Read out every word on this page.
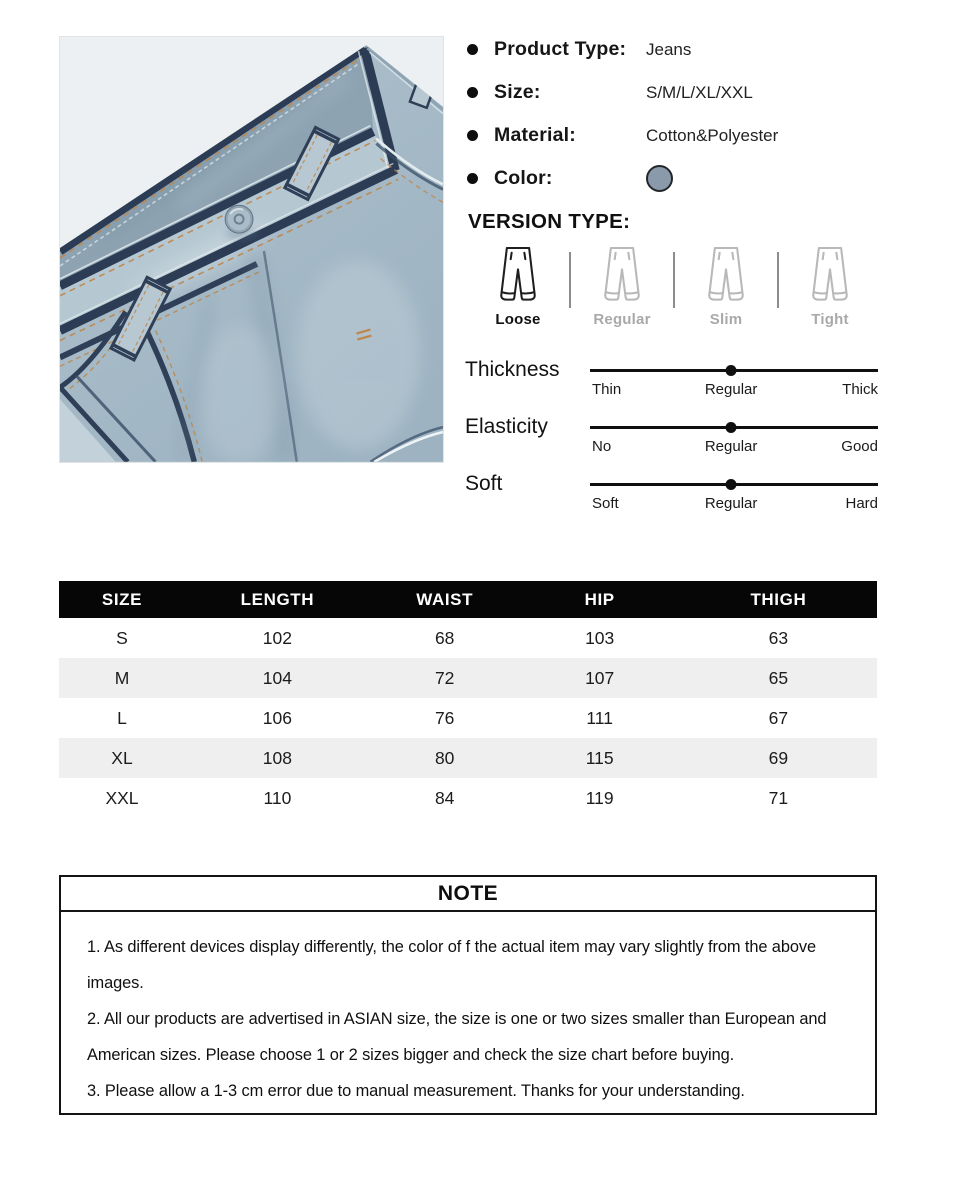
Product Type:	Jeans
Size:	S/M/L/XL/XXL
Material:	Cotton&Polyester
Color:
VERSION TYPE:
Loose	Regular	Slim	Tight
Thickness
Thin	Regular	Thick
Elasticity
No	Regular	Good
Soft
Soft	Regular	Hard
SIZE	LENGTH	WAIST	HIP	THIGH
S	102	68	103	63
M	104	72	107	65
L	106	76	111	67
XL	108	80	115	69
XXL	110	84	119	71
NOTE

1. As different devices display differently, the color of f the actual item may vary slightly from the above images.

2. All our products are advertised in ASIAN size, the size is one or two sizes smaller than European and American sizes. Please choose 1 or 2 sizes bigger and check the size chart before buying.

3. Please allow a 1-3 cm error due to manual measurement. Thanks for your understanding.
